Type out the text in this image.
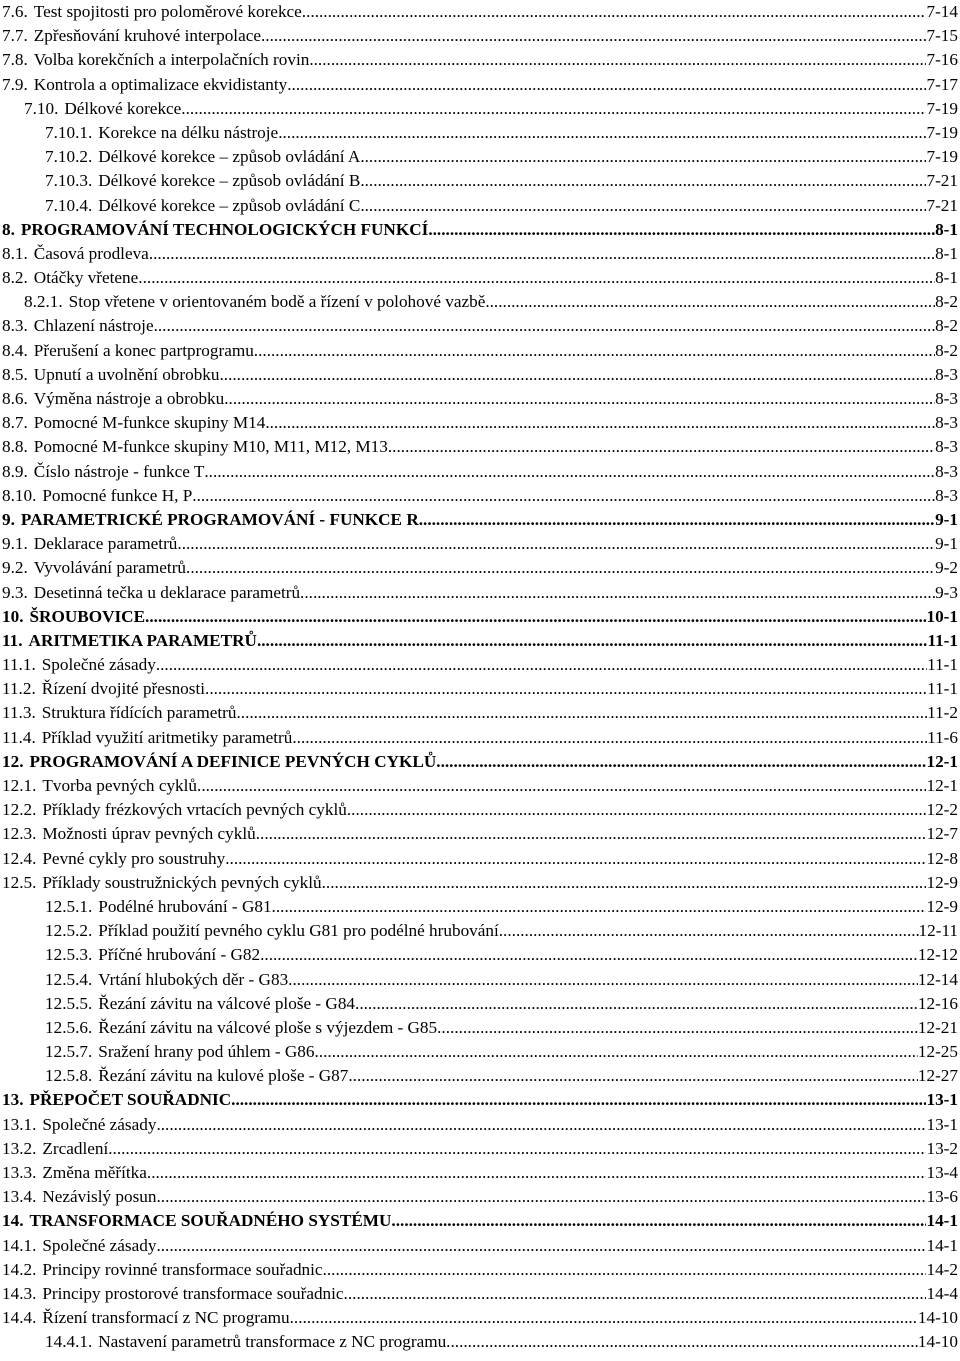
7.6. Test spojitosti pro poloměrové korekce .....	7-14
7.7. Zpřesňování kruhové interpolace. .....	7-15
7.8. Volba korekčních a interpolačních rovin .....	7-16
7.9. Kontrola a optimalizace ekvidistanty .....	7-17
7.10. Délkové korekce .....	7-19
7.10.1. Korekce na délku nástroje .....	7-19
7.10.2. Délkové korekce – způsob ovládání A .....	7-19
7.10.3. Délkové korekce – způsob ovládání B .....	7-21
7.10.4. Délkové korekce – způsob ovládání C .....	7-21
8. PROGRAMOVÁNÍ TECHNOLOGICKÝCH FUNKCÍ .....	8-1
8.1. Časová prodleva .....	8-1
8.2. Otáčky vřetene .....	8-1
8.2.1. Stop vřetene v orientovaném bodě a řízení v polohové vazbě .....	8-2
8.3. Chlazení nástroje .....	8-2
8.4. Přerušení a konec partprogramu .....	8-2
8.5. Upnutí a uvolnění obrobku .....	8-3
8.6. Výměna nástroje a obrobku .....	8-3
8.7. Pomocné M-funkce skupiny M14 .....	8-3
8.8. Pomocné M-funkce skupiny M10, M11, M12, M13 .....	8-3
8.9. Číslo nástroje - funkce T .....	8-3
8.10. Pomocné funkce H, P .....	8-3
9. PARAMETRICKÉ PROGRAMOVÁNÍ - FUNKCE R .....	9-1
9.1. Deklarace parametrů .....	9-1
9.2. Vyvolávání parametrů .....	9-2
9.3. Desetinná tečka u deklarace parametrů .....	9-3
10. ŠROUBOVICE .....	10-1
11. ARITMETIKA PARAMETRŮ .....	11-1
11.1. Společné zásady .....	11-1
11.2. Řízení dvojité přesnosti .....	11-1
11.3. Struktura řídících parametrů .....	11-2
11.4. Příklad využití aritmetiky parametrů .....	11-6
12. PROGRAMOVÁNÍ A DEFINICE PEVNÝCH CYKLŮ .....	12-1
12.1. Tvorba pevných cyklů .....	12-1
12.2. Příklady frézkových vrtacích pevných cyklů .....	12-2
12.3. Možnosti úprav pevných cyklů .....	12-7
12.4. Pevné cykly pro soustruhy .....	12-8
12.5. Příklady soustružnických pevných cyklů .....	12-9
12.5.1. Podélné hrubování - G81 .....	12-9
12.5.2. Příklad použití pevného cyklu G81 pro podélné hrubování .....	12-11
12.5.3. Příčné hrubování - G82 .....	12-12
12.5.4. Vrtání hlubokých děr - G83 .....	12-14
12.5.5. Řezání závitu na válcové ploše - G84 .....	12-16
12.5.6. Řezání závitu na válcové ploše s výjezdem - G85 .....	12-21
12.5.7. Sražení hrany pod úhlem - G86 .....	12-25
12.5.8. Řezání závitu na kulové ploše - G87 .....	12-27
13. PŘEPOČET SOUŘADNIC .....	13-1
13.1. Společné zásady .....	13-1
13.2. Zrcadlení .....	13-2
13.3. Změna měřítka .....	13-4
13.4. Nezávislý posun .....	13-6
14. TRANSFORMACE SOUŘADNÉHO SYSTÉMU .....	14-1
14.1. Společné zásady .....	14-1
14.2. Principy rovinné transformace souřadnic .....	14-2
14.3. Principy prostorové transformace souřadnic .....	14-4
14.4. Řízení transformací z NC programu .....	14-10
14.4.1. Nastavení parametrů transformace z NC programu .....	14-10
